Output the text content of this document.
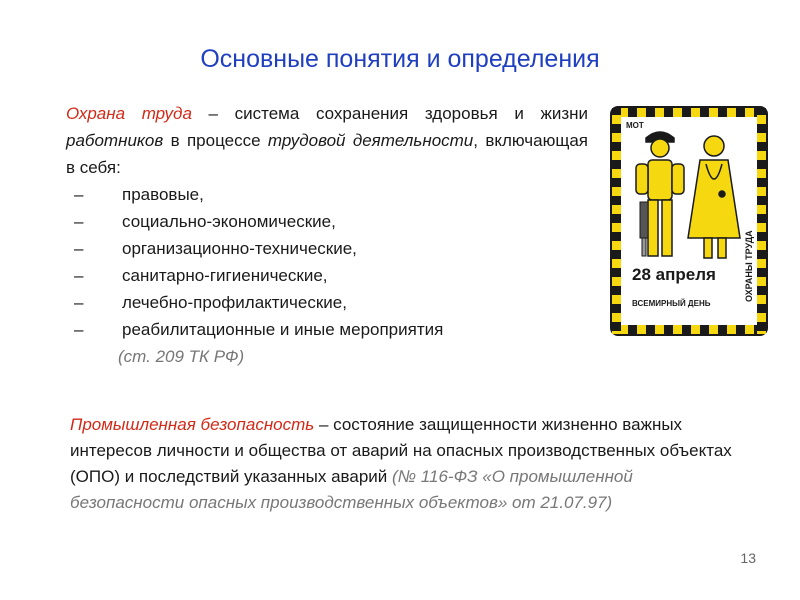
Основные понятия и определения

Охрана труда – система сохранения здоровья и жизни работников в процессе трудовой деятельности, включающая в себя:

– правовые,
– социально-экономические,
– организационно-технические,
– санитарно-гигиенические,
– лечебно-профилактические,
– реабилитационные и иные мероприятия
(ст. 209 ТК РФ)
МОТ
28 апреля
ВСЕМИРНЫЙ ДЕНЬ
ОХРАНЫ ТРУДА

Промышленная безопасность – состояние защищенности жизненно важных интересов личности и общества от аварий на опасных производственных объектах (ОПО) и последствий указанных аварий (№ 116-ФЗ «О промышленной безопасности опасных производственных объектов» от 21.07.97)

13
